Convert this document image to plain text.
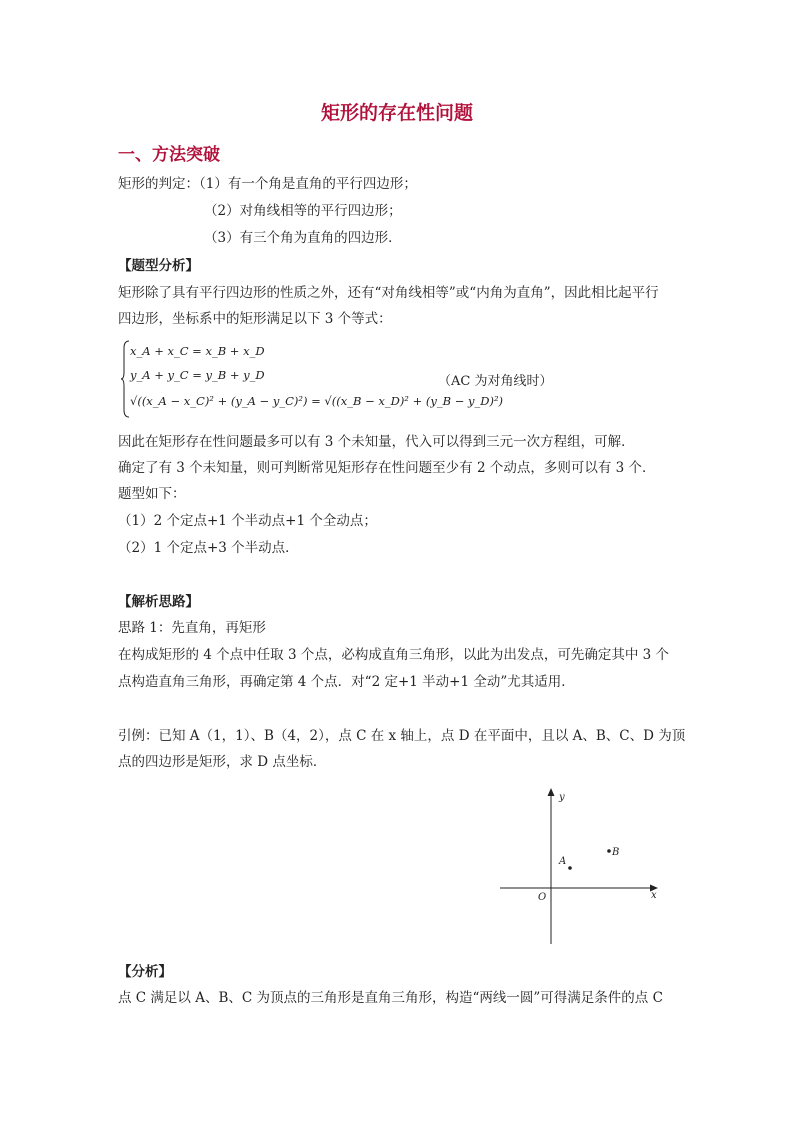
矩形的存在性问题
一、方法突破
矩形的判定：（1）有一个角是直角的平行四边形；
（2）对角线相等的平行四边形；
（3）有三个角为直角的四边形．
【题型分析】
矩形除了具有平行四边形的性质之外，还有“对角线相等”或“内角为直角”，因此相比起平行
四边形，坐标系中的矩形满足以下 3 个等式：
x_A + x_C = x_B + x_D
y_A + y_C = y_B + y_D
√((x_A − x_C)² + (y_A − y_C)²) = √((x_B − x_D)² + (y_B − y_D)²)
（AC 为对角线时）
因此在矩形存在性问题最多可以有 3 个未知量，代入可以得到三元一次方程组，可解．
确定了有 3 个未知量，则可判断常见矩形存在性问题至少有 2 个动点，多则可以有 3 个．
题型如下：
（1）2 个定点+1 个半动点+1 个全动点；
（2）1 个定点+3 个半动点．
【解析思路】
思路 1：先直角，再矩形
在构成矩形的 4 个点中任取 3 个点，必构成直角三角形，以此为出发点，可先确定其中 3 个
点构造直角三角形，再确定第 4 个点．对“2 定+1 半动+1 全动”尤其适用．
引例：已知 A（1，1）、B（4，2），点 C 在 x 轴上，点 D 在平面中，且以 A、B、C、D 为顶
点的四边形是矩形，求 D 点坐标．
y
x
O
A
B
【分析】
点 C 满足以 A、B、C 为顶点的三角形是直角三角形，构造“两线一圆”可得满足条件的点 C
